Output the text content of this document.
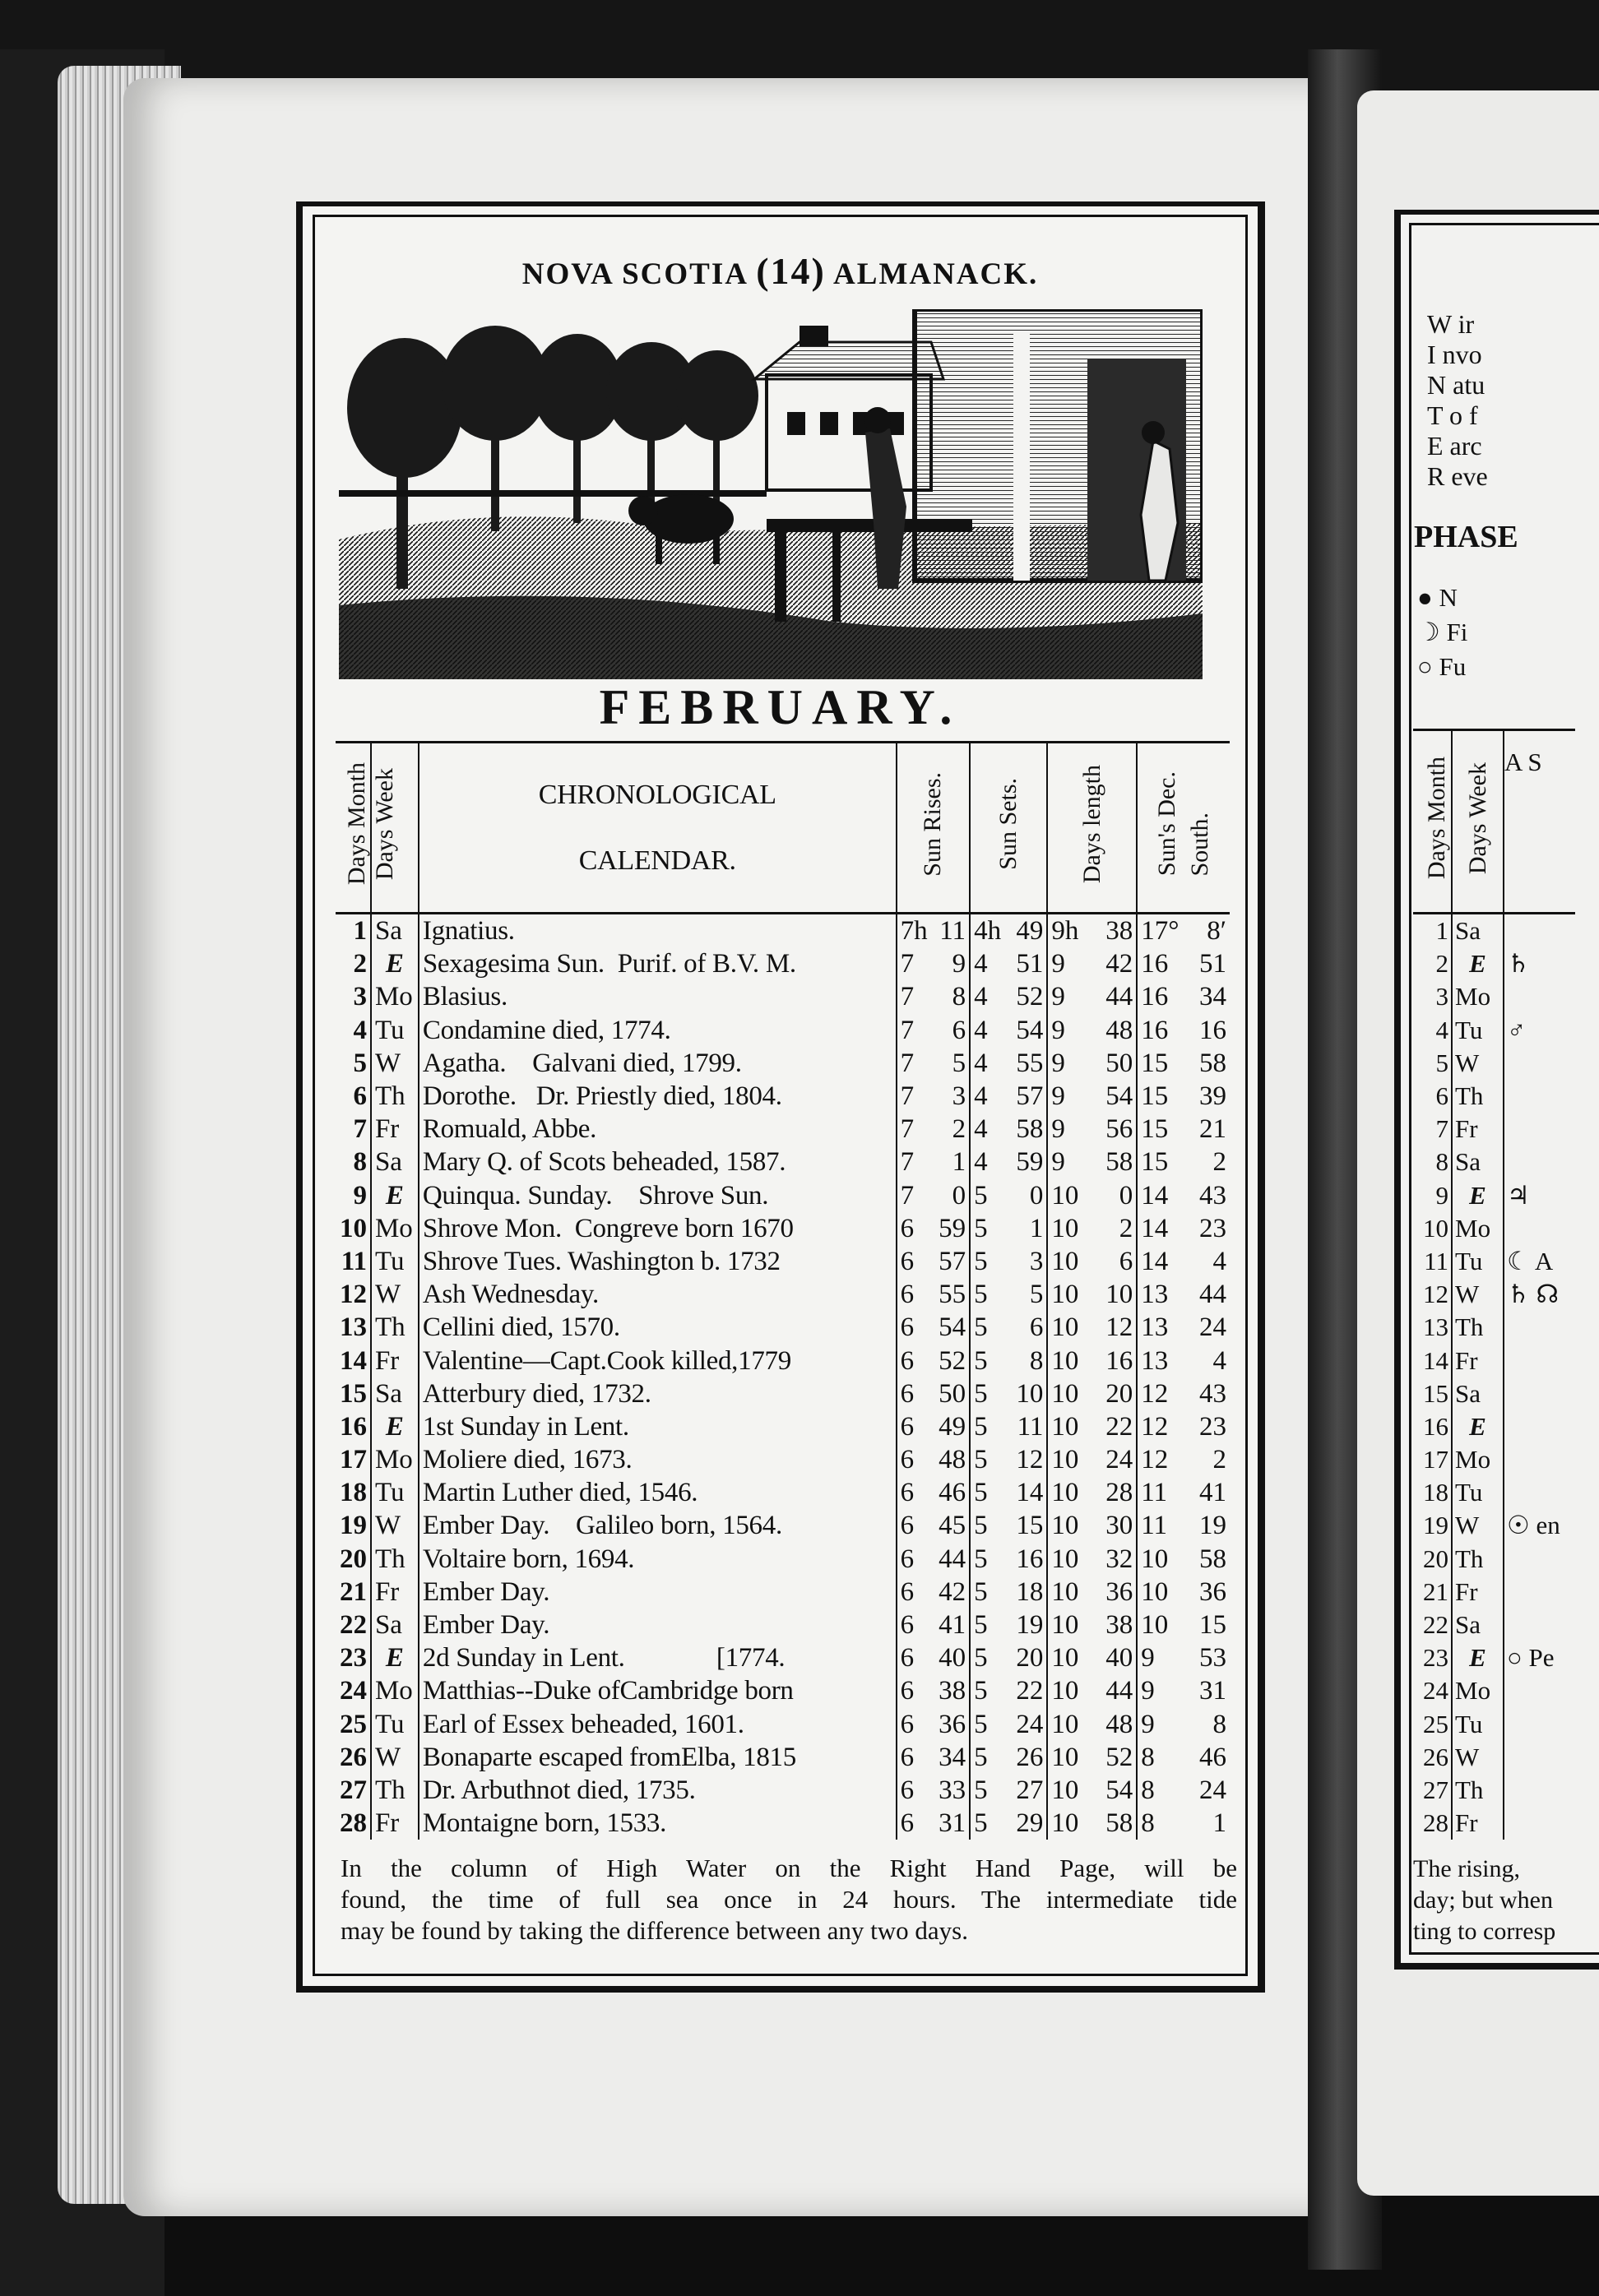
NOVA SCOTIA (14) ALMANACK.
FEBRUARY.
Days Month	Days Week	CHRONOLOGICAL
CALENDAR.	Sun Rises.	Sun Sets.	Days length	Sun's Dec. South.
1	Sa	Ignatius.	7h 11	4h 49	9h 38	17° 8′

2	E	Sexagesima Sun.  Purif. of B.V. M.	7 9	4 51	9 42	16 51

3	Mo	Blasius.	7 8	4 52	9 44	16 34

4	Tu	Condamine died, 1774.	7 6	4 54	9 48	16 16

5	W	Agatha.    Galvani died, 1799.	7 5	4 55	9 50	15 58

6	Th	Dorothe.   Dr. Priestly died, 1804.	7 3	4 57	9 54	15 39

7	Fr	Romuald, Abbe.	7 2	4 58	9 56	15 21

8	Sa	Mary Q. of Scots beheaded, 1587.	7 1	4 59	9 58	15 2

9	E	Quinqua. Sunday.    Shrove Sun.	7 0	5 0	10 0	14 43

10	Mo	Shrove Mon.  Congreve born 1670	6 59	5 1	10 2	14 23

11	Tu	Shrove Tues. Washington b. 1732	6 57	5 3	10 6	14 4

12	W	Ash Wednesday.	6 55	5 5	10 10	13 44

13	Th	Cellini died, 1570.	6 54	5 6	10 12	13 24

14	Fr	Valentine—Capt.Cook killed,1779	6 52	5 8	10 16	13 4

15	Sa	Atterbury died, 1732.	6 50	5 10	10 20	12 43

16	E	1st Sunday in Lent.	6 49	5 11	10 22	12 23

17	Mo	Moliere died, 1673.	6 48	5 12	10 24	12 2

18	Tu	Martin Luther died, 1546.	6 46	5 14	10 28	11 41

19	W	Ember Day.    Galileo born, 1564.	6 45	5 15	10 30	11 19

20	Th	Voltaire born, 1694.	6 44	5 16	10 32	10 58

21	Fr	Ember Day.	6 42	5 18	10 36	10 36

22	Sa	Ember Day.	6 41	5 19	10 38	10 15

23	E	2d Sunday in Lent.              [1774.	6 40	5 20	10 40	9 53

24	Mo	Matthias--Duke ofCambridge born	6 38	5 22	10 44	9 31

25	Tu	Earl of Essex beheaded, 1601.	6 36	5 24	10 48	9 8

26	W	Bonaparte escaped fromElba, 1815	6 34	5 26	10 52	8 46

27	Th	Dr. Arbuthnot died, 1735.	6 33	5 27	10 54	8 24

28	Fr	Montaigne born, 1533.	6 31	5 29	10 58	8 1
In the column of High Water on the Right Hand Page, will be
found, the time of full sea once in 24 hours. The intermediate tide
may be found by taking the difference between any two days.
W ir
I nvo
N atu
T o f
E arc
R eve
PHASE
● N
☽ Fi
○ Fu
Days Month	Days Week	A S
1	Sa	
2	E	♄
3	Mo	
4	Tu	♂
5	W	
6	Th	
7	Fr	
8	Sa	
9	E	♃
10	Mo	
11	Tu	☾ A
12	W	♄ ☊
13	Th	
14	Fr	
15	Sa	
16	E	
17	Mo	
18	Tu	
19	W	☉ en
20	Th	
21	Fr	
22	Sa	
23	E	○ Pe
24	Mo	
25	Tu	
26	W	
27	Th	
28	Fr	
The rising,
day; but when
ting to corresp
